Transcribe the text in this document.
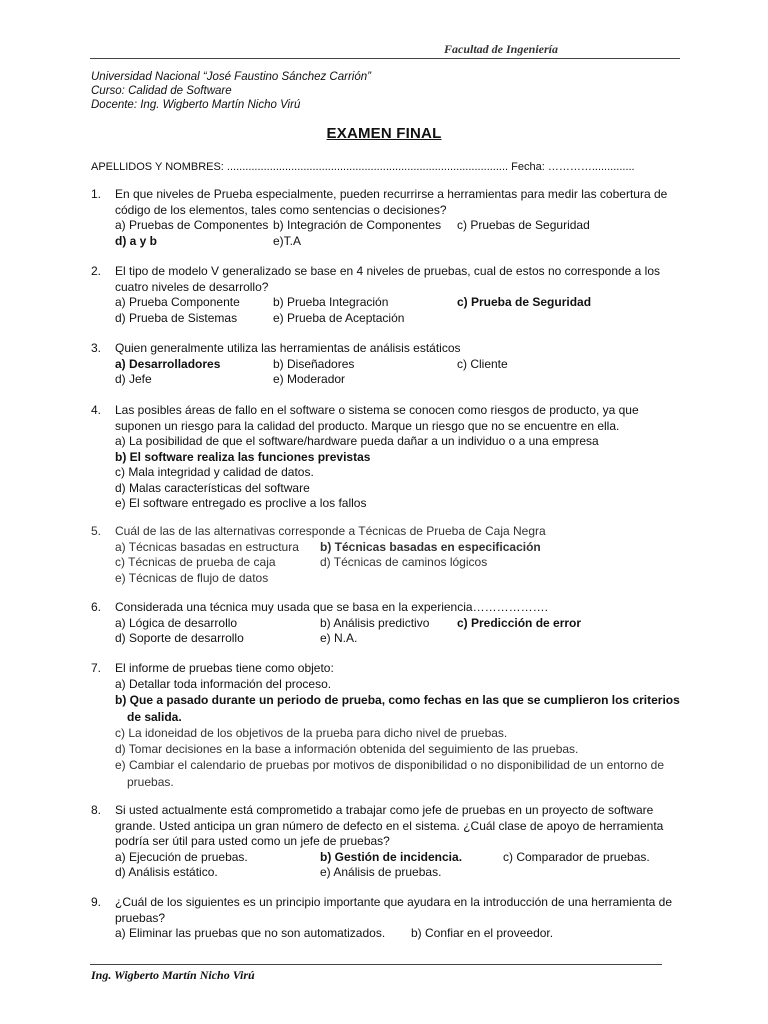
Facultad de Ingeniería
Universidad Nacional “José Faustino Sánchez Carrión”
Curso: Calidad de Software
Docente: Ing. Wigberto Martín Nicho Virú
EXAMEN FINAL
APELLIDOS Y NOMBRES: ............................................................................................ Fecha: …………..............
1. En que niveles de Prueba especialmente, pueden recurrirse a herramientas para medir las cobertura de código de los elementos, tales como sentencias o decisiones?
a) Pruebas de Componentes b) Integración de Componentes c) Pruebas de Seguridad
d) a y b	e)T.A
2. El tipo de modelo V generalizado se base en 4 niveles de pruebas, cual de estos no corresponde a los cuatro niveles de desarrollo?
a) Prueba Componente	b) Prueba Integración	c) Prueba de Seguridad
d) Prueba de Sistemas	e) Prueba de Aceptación
3. Quien generalmente utiliza las herramientas de análisis estáticos
a) Desarrolladores	b) Diseñadores	c) Cliente
d) Jefe	e) Moderador
4. Las posibles áreas de fallo en el software o sistema se conocen como riesgos de producto, ya que suponen un riesgo para la calidad del producto. Marque un riesgo que no se encuentre en ella.
a) La posibilidad de que el software/hardware pueda dañar a un individuo o a una empresa
b) El software realiza las funciones previstas
c) Mala integridad y calidad de datos.
d) Malas características del software
e) El software entregado es proclive a los fallos
5. Cuál de las de las alternativas corresponde a Técnicas de Prueba de Caja Negra
a) Técnicas basadas en estructura b) Técnicas basadas en especificación
c) Técnicas de prueba de caja	d) Técnicas de caminos lógicos
e) Técnicas de flujo de datos
6. Considerada una técnica muy usada que se basa en la experiencia……………….
a) Lógica de desarrollo	b) Análisis predictivo c) Predicción de error
d) Soporte de desarrollo	e) N.A.
7. El informe de pruebas tiene como objeto:
a) Detallar toda información del proceso.
b) Que a pasado durante un periodo de prueba, como fechas en las que se cumplieron los criterios de salida.
c) La idoneidad de los objetivos de la prueba para dicho nivel de pruebas.
d) Tomar decisiones en la base a información obtenida del seguimiento de las pruebas.
e) Cambiar el calendario de pruebas por motivos de disponibilidad o no disponibilidad de un entorno de pruebas.
8. Si usted actualmente está comprometido a trabajar como jefe de pruebas en un proyecto de software grande. Usted anticipa un gran número de defecto en el sistema. ¿Cuál clase de apoyo de herramienta podría ser útil para usted como un jefe de pruebas?
a) Ejecución de pruebas.	b) Gestión de incidencia.	c) Comparador de pruebas.
d) Análisis estático.	e) Análisis de pruebas.
9. ¿Cuál de los siguientes es un principio importante que ayudara en la introducción de una herramienta de pruebas?
a) Eliminar las pruebas que no son automatizados. b) Confiar en el proveedor.
Ing. Wigberto Martín Nicho Virú
